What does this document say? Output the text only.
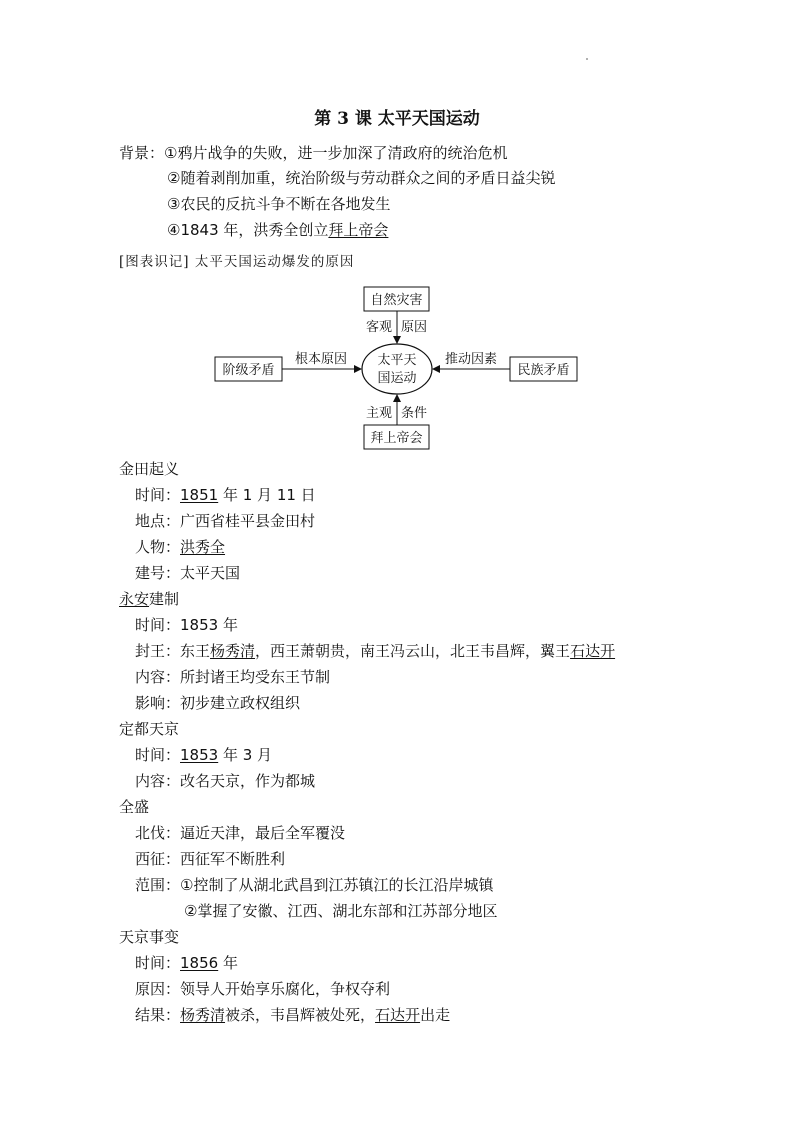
第 3 课 太平天国运动
背景：①鸦片战争的失败，进一步加深了清政府的统治危机
②随着剥削加重，统治阶级与劳动群众之间的矛盾日益尖锐
③农民的反抗斗争不断在各地发生
④1843 年，洪秀全创立拜上帝会
[图表识记] 太平天国运动爆发的原因
太平天
国运动
自然灾害
客观 原因
阶级矛盾
根本原因
民族矛盾
推动因素
拜上帝会
主观 条件
金田起义
时间：1851 年 1 月 11 日
地点：广西省桂平县金田村
人物：洪秀全
建号：太平天国
永安建制
时间：1853 年
封王：东王杨秀清，西王萧朝贵，南王冯云山，北王韦昌辉，翼王石达开
内容：所封诸王均受东王节制
影响：初步建立政权组织
定都天京
时间：1853 年 3 月
内容：改名天京，作为都城
全盛
北伐：逼近天津，最后全军覆没
西征：西征军不断胜利
范围：①控制了从湖北武昌到江苏镇江的长江沿岸城镇
②掌握了安徽、江西、湖北东部和江苏部分地区
天京事变
时间：1856 年
原因：领导人开始享乐腐化，争权夺利
结果：杨秀清被杀，韦昌辉被处死，石达开出走
